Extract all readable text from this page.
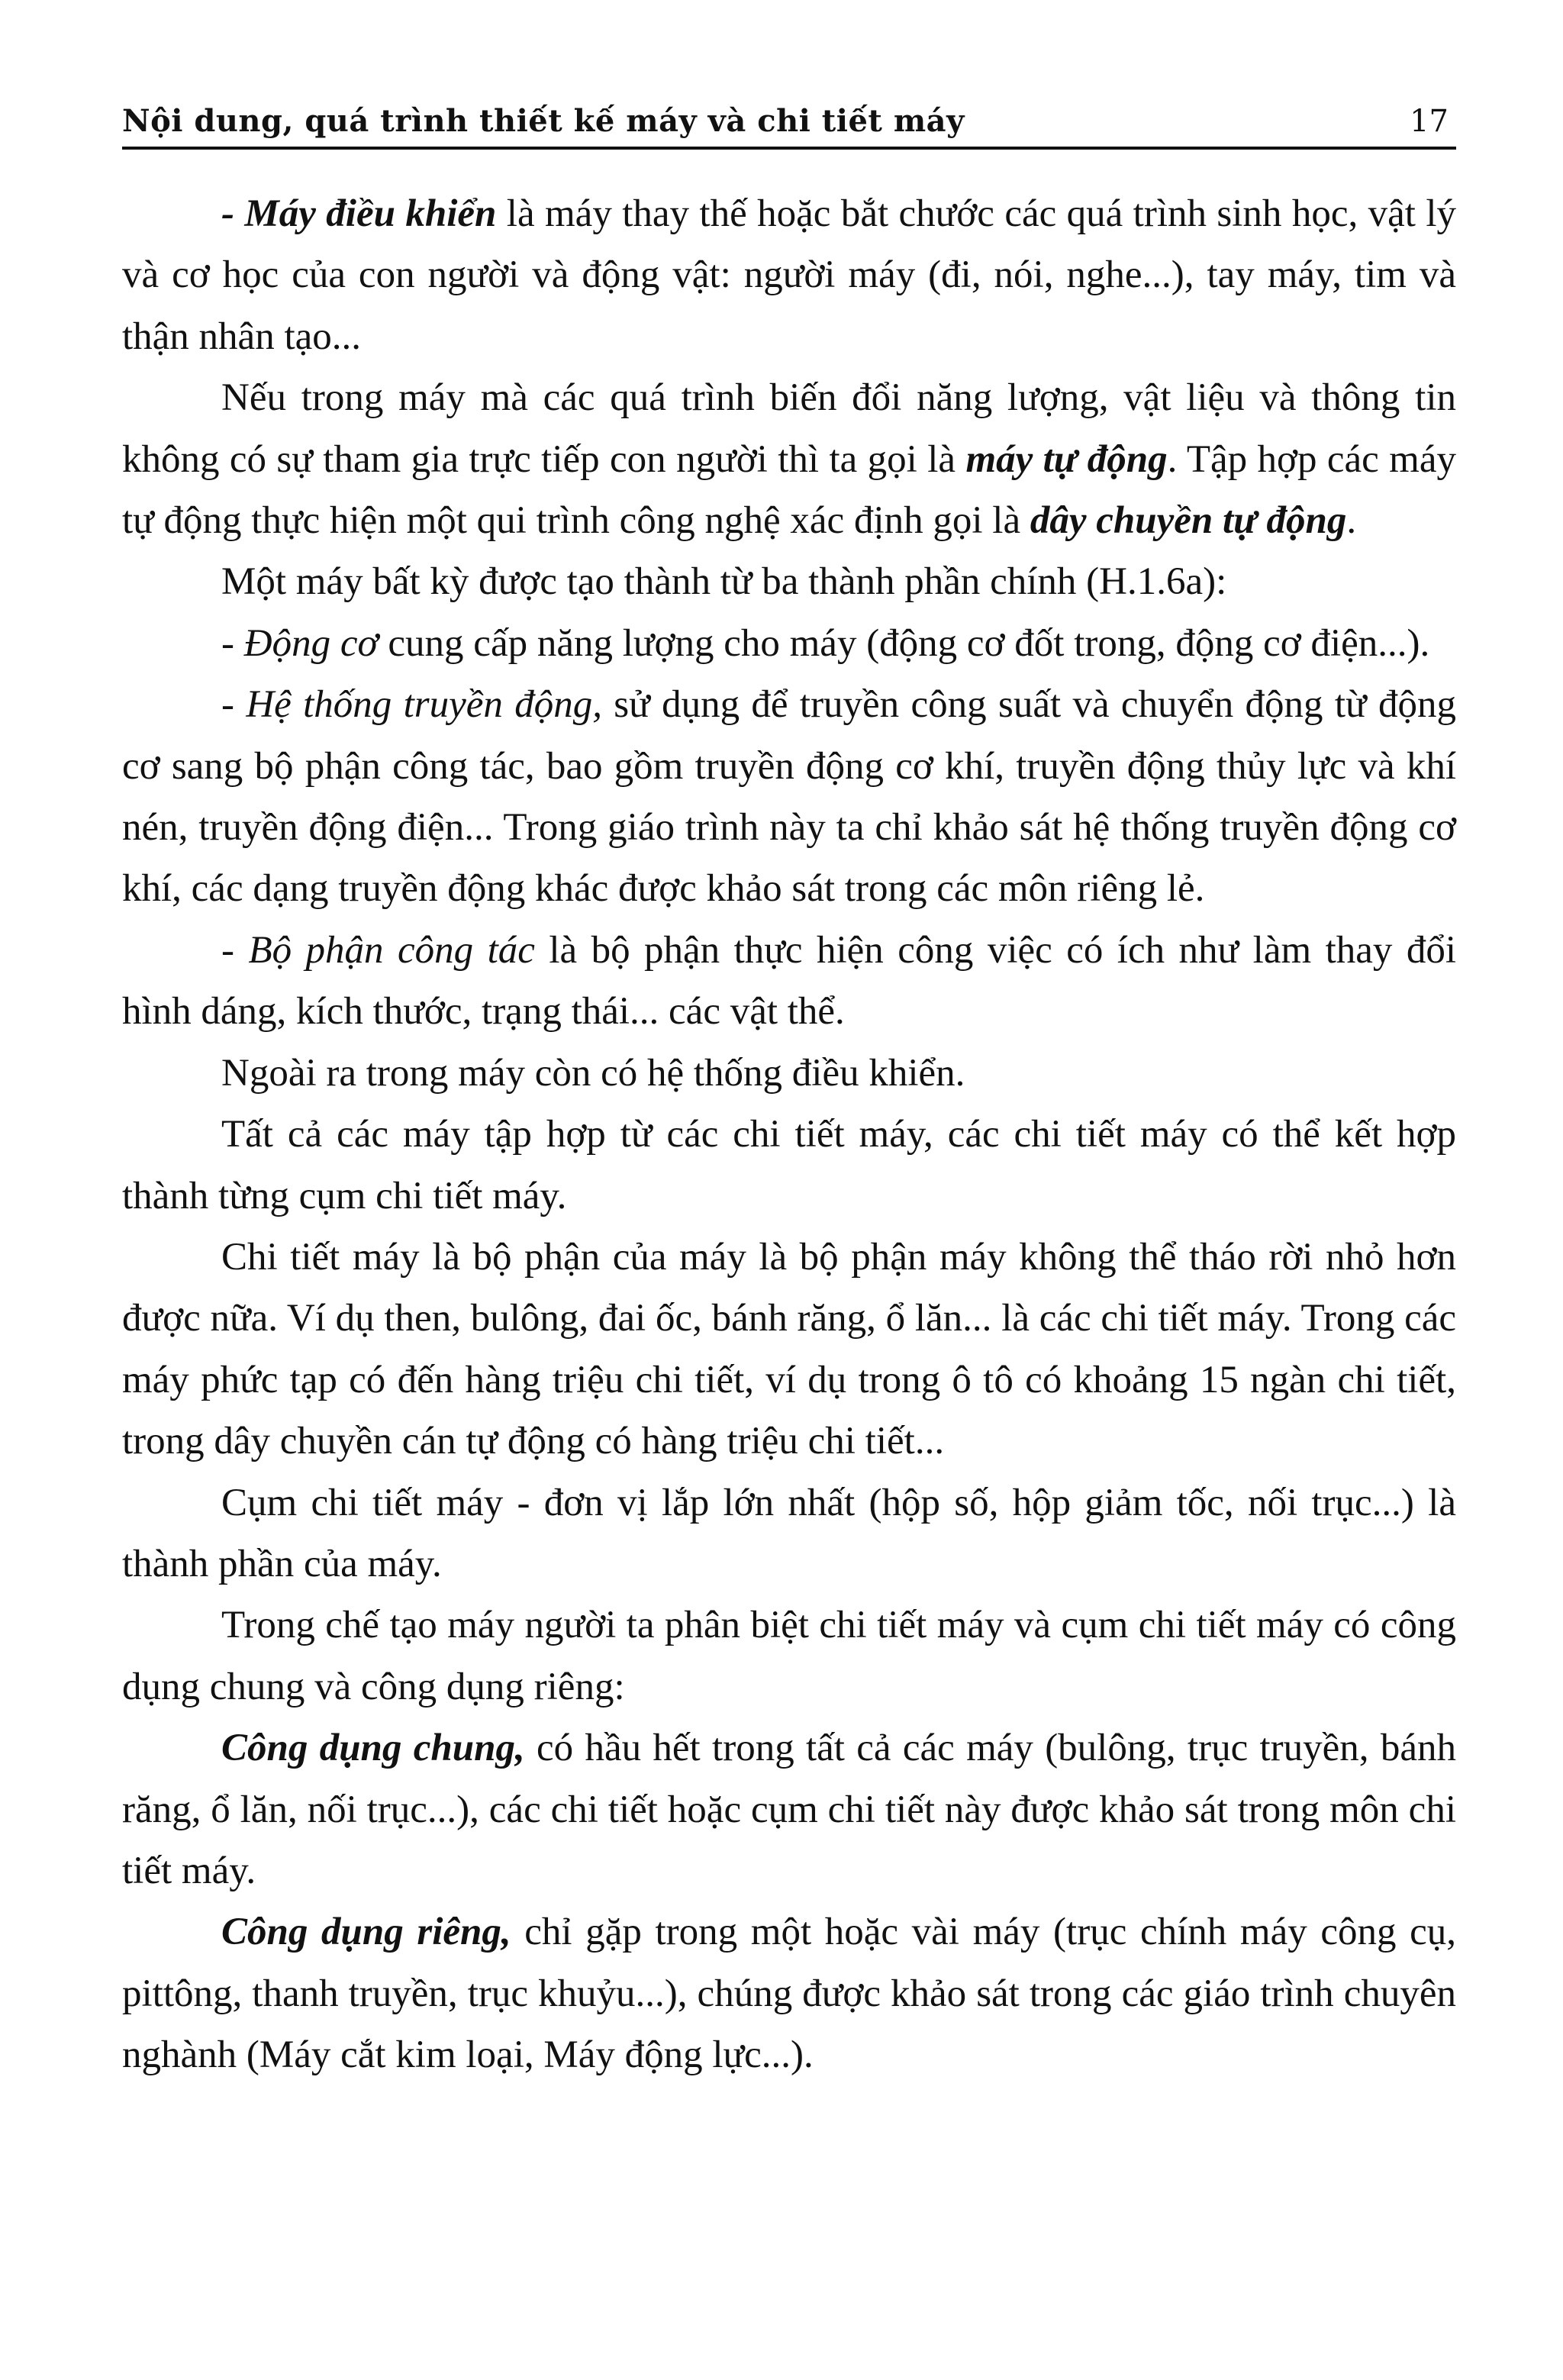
Nội dung, quá trình thiết kế máy và chi tiết máy	17

- Máy điều khiển là máy thay thế hoặc bắt chước các quá trình sinh học, vật lý và cơ học của con người và động vật: người máy (đi, nói, nghe...), tay máy, tim và thận nhân tạo...

Nếu trong máy mà các quá trình biến đổi năng lượng, vật liệu và thông tin không có sự tham gia trực tiếp con người thì ta gọi là máy tự động. Tập hợp các máy tự động thực hiện một qui trình công nghệ xác định gọi là dây chuyền tự động.

Một máy bất kỳ được tạo thành từ ba thành phần chính (H.1.6a):

- Động cơ cung cấp năng lượng cho máy (động cơ đốt trong, động cơ điện...).

- Hệ thống truyền động, sử dụng để truyền công suất và chuyển động từ động cơ sang bộ phận công tác, bao gồm truyền động cơ khí, truyền động thủy lực và khí nén, truyền động điện... Trong giáo trình này ta chỉ khảo sát hệ thống truyền động cơ khí, các dạng truyền động khác được khảo sát trong các môn riêng lẻ.

- Bộ phận công tác là bộ phận thực hiện công việc có ích như làm thay đổi hình dáng, kích thước, trạng thái... các vật thể.

Ngoài ra trong máy còn có hệ thống điều khiển.

Tất cả các máy tập hợp từ các chi tiết máy, các chi tiết máy có thể kết hợp thành từng cụm chi tiết máy.

Chi tiết máy là bộ phận của máy là bộ phận máy không thể tháo rời nhỏ hơn được nữa. Ví dụ then, bulông, đai ốc, bánh răng, ổ lăn... là các chi tiết máy. Trong các máy phức tạp có đến hàng triệu chi tiết, ví dụ trong ô tô có khoảng 15 ngàn chi tiết, trong dây chuyền cán tự động có hàng triệu chi tiết...

Cụm chi tiết máy - đơn vị lắp lớn nhất (hộp số, hộp giảm tốc, nối trục...) là thành phần của máy.

Trong chế tạo máy người ta phân biệt chi tiết máy và cụm chi tiết máy có công dụng chung và công dụng riêng:

Công dụng chung, có hầu hết trong tất cả các máy (bulông, trục truyền, bánh răng, ổ lăn, nối trục...), các chi tiết hoặc cụm chi tiết này được khảo sát trong môn chi tiết máy.

Công dụng riêng, chỉ gặp trong một hoặc vài máy (trục chính máy công cụ, pittông, thanh truyền, trục khuỷu...), chúng được khảo sát trong các giáo trình chuyên nghành (Máy cắt kim loại, Máy động lực...).
